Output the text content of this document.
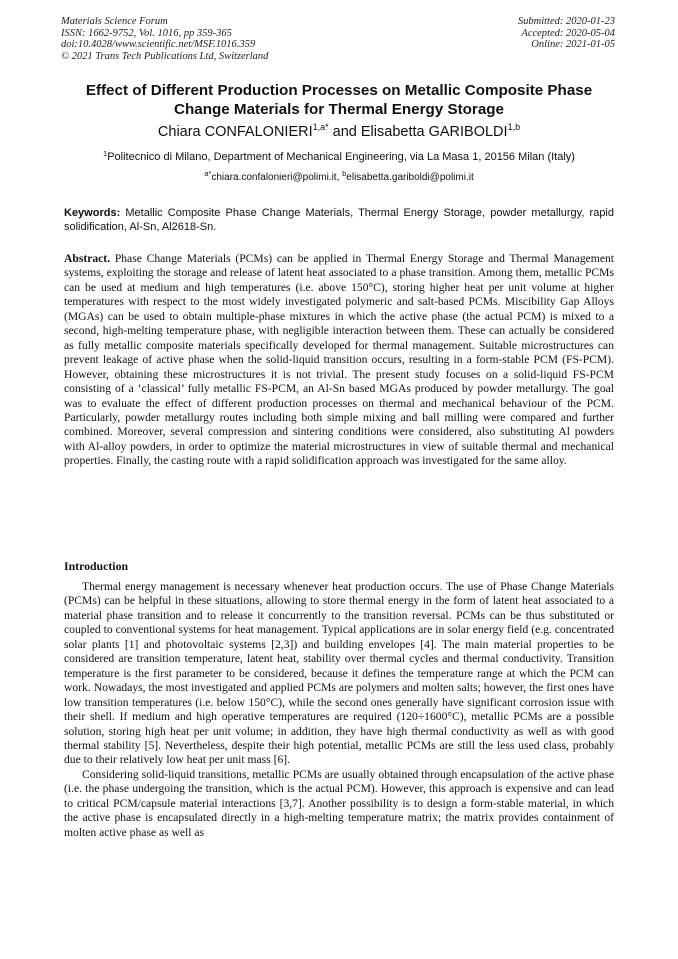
Materials Science Forum
ISSN: 1662-9752, Vol. 1016, pp 359-365
doi:10.4028/www.scientific.net/MSF.1016.359
© 2021 Trans Tech Publications Ltd, Switzerland
Submitted: 2020-01-23
Accepted: 2020-05-04
Online: 2021-01-05
Effect of Different Production Processes on Metallic Composite Phase
Change Materials for Thermal Energy Storage
Chiara $CONFALONIERI^{1,a*}$ and Elisabetta GARIBOLDI$^{1,b}$
$^1$Politecnico di Milano, Department of Mechanical Engineering, via La Masa 1, 20156 Milan (Italy)
$^{a*}$chiara.confalonieri@polimi.it, $^b$elisabetta.gariboldi@polimi.it
Keywords: Metallic Composite Phase Change Materials, Thermal Energy Storage, powder metallurgy, rapid solidification, Al-Sn, Al2618-Sn.
Abstract. Phase Change Materials (PCMs) can be applied in Thermal Energy Storage and Thermal Management systems, exploiting the storage and release of latent heat associated to a phase transition. Among them, metallic PCMs can be used at medium and high temperatures (i.e. above 150°C), storing higher heat per unit volume at higher temperatures with respect to the most widely investigated polymeric and salt-based PCMs. Miscibility Gap Alloys (MGAs) can be used to obtain multiple-phase mixtures in which the active phase (the actual PCM) is mixed to a second, high-melting temperature phase, with negligible interaction between them. These can actually be considered as fully metallic composite materials specifically developed for thermal management. Suitable microstructures can prevent leakage of active phase when the solid-liquid transition occurs, resulting in a form-stable PCM (FS-PCM). However, obtaining these microstructures it is not trivial. The present study focuses on a solid-liquid FS-PCM consisting of a ‘classical’ fully metallic FS-PCM, an Al-Sn based MGAs produced by powder metallurgy. The goal was to evaluate the effect of different production processes on thermal and mechanical behaviour of the PCM. Particularly, powder metallurgy routes including both simple mixing and ball milling were compared and further combined. Moreover, several compression and sintering conditions were considered, also substituting Al powders with Al-alloy powders, in order to optimize the material microstructures in view of suitable thermal and mechanical properties. Finally, the casting route with a rapid solidification approach was investigated for the same alloy.
Introduction

Thermal energy management is necessary whenever heat production occurs. The use of Phase Change Materials (PCMs) can be helpful in these situations, allowing to store thermal energy in the form of latent heat associated to a material phase transition and to release it concurrently to the transition reversal. PCMs can be thus substituted or coupled to conventional systems for heat management. Typical applications are in solar energy field (e.g. concentrated solar plants [1] and photovoltaic systems [2,3]) and building envelopes [4]. The main material properties to be considered are transition temperature, latent heat, stability over thermal cycles and thermal conductivity. Transition temperature is the first parameter to be considered, because it defines the temperature range at which the PCM can work. Nowadays, the most investigated and applied PCMs are polymers and molten salts; however, the first ones have low transition temperatures (i.e. below 150°C), while the second ones generally have significant corrosion issue with their shell. If medium and high operative temperatures are required (120÷1600°C), metallic PCMs are a possible solution, storing high heat per unit volume; in addition, they have high thermal conductivity as well as with good thermal stability [5]. Nevertheless, despite their high potential, metallic PCMs are still the less used class, probably due to their relatively low heat per unit mass [6].

Considering solid-liquid transitions, metallic PCMs are usually obtained through encapsulation of the active phase (i.e. the phase undergoing the transition, which is the actual PCM). However, this approach is expensive and can lead to critical PCM/capsule material interactions [3,7]. Another possibility is to design a form-stable material, in which the active phase is encapsulated directly in a high-melting temperature matrix; the matrix provides containment of molten active phase as well as
